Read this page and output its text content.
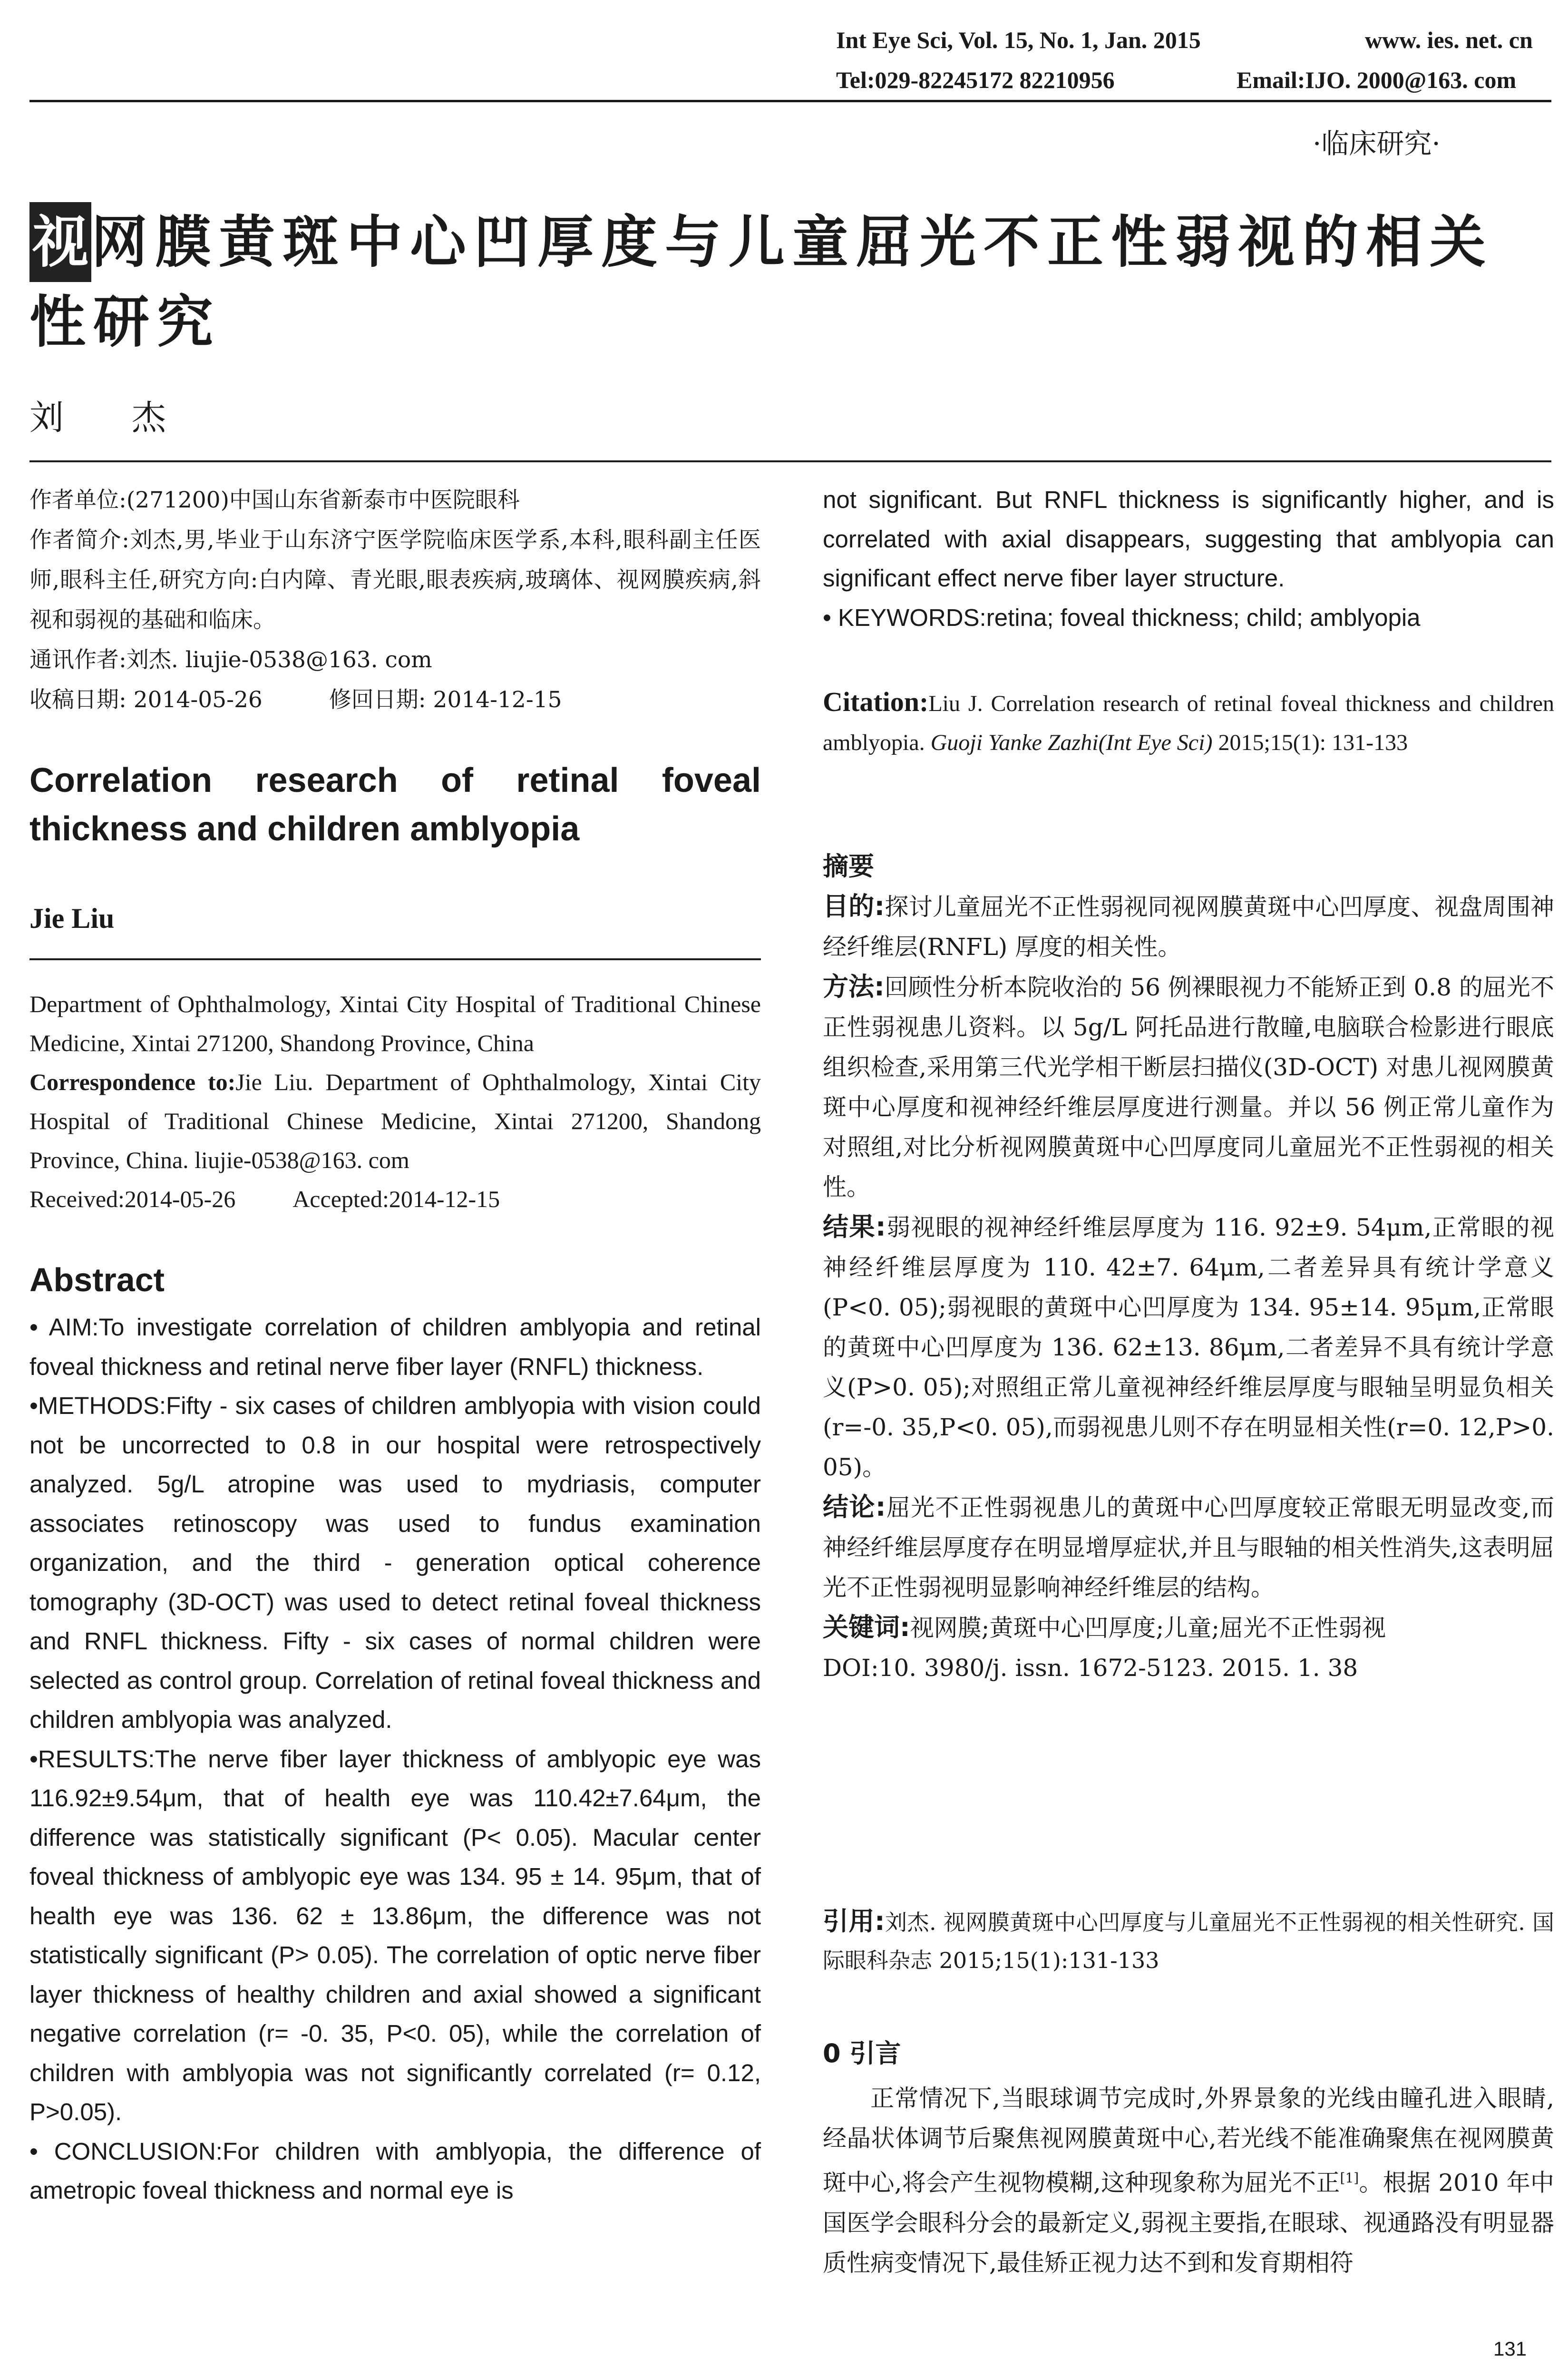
Int Eye Sci, Vol. 15, No. 1, Jan. 2015	www. ies. net. cn
Tel:029-82245172 82210956	Email:IJO. 2000@163. com
·临床研究·
视网膜黄斑中心凹厚度与儿童屈光不正性弱视的相关性研究
刘 杰
作者单位:(271200)中国山东省新泰市中医院眼科
作者简介:刘杰,男,毕业于山东济宁医学院临床医学系,本科,眼科副主任医师,眼科主任,研究方向:白内障、青光眼,眼表疾病,玻璃体、视网膜疾病,斜视和弱视的基础和临床。
通讯作者:刘杰. liujie-0538@163. com
收稿日期: 2014-05-26	修回日期: 2014-12-15
Correlation research of retinal foveal thickness and children amblyopia
Jie Liu
Department of Ophthalmology, Xintai City Hospital of Traditional Chinese Medicine, Xintai 271200, Shandong Province, China
Correspondence to:Jie Liu. Department of Ophthalmology, Xintai City Hospital of Traditional Chinese Medicine, Xintai 271200, Shandong Province, China. liujie-0538@163. com
Received:2014-05-26 Accepted:2014-12-15
Abstract
• AIM:To investigate correlation of children amblyopia and retinal foveal thickness and retinal nerve fiber layer (RNFL) thickness.
•METHODS:Fifty - six cases of children amblyopia with vision could not be uncorrected to 0.8 in our hospital were retrospectively analyzed. 5g/L atropine was used to mydriasis, computer associates retinoscopy was used to fundus examination organization, and the third - generation optical coherence tomography (3D-OCT) was used to detect retinal foveal thickness and RNFL thickness. Fifty - six cases of normal children were selected as control group. Correlation of retinal foveal thickness and children amblyopia was analyzed.
•RESULTS:The nerve fiber layer thickness of amblyopic eye was 116.92±9.54μm, that of health eye was 110.42±7.64μm, the difference was statistically significant (P< 0.05). Macular center foveal thickness of amblyopic eye was 134. 95 ± 14. 95μm, that of health eye was 136. 62 ± 13.86μm, the difference was not statistically significant (P> 0.05). The correlation of optic nerve fiber layer thickness of healthy children and axial showed a significant negative correlation (r= -0. 35, P<0. 05), while the correlation of children with amblyopia was not significantly correlated (r= 0.12, P>0.05).
• CONCLUSION:For children with amblyopia, the difference of ametropic foveal thickness and normal eye is
not significant. But RNFL thickness is significantly higher, and is correlated with axial disappears, suggesting that amblyopia can significant effect nerve fiber layer structure.
• KEYWORDS:retina; foveal thickness; child; amblyopia
Citation:Liu J. Correlation research of retinal foveal thickness and children amblyopia. Guoji Yanke Zazhi(Int Eye Sci) 2015;15(1): 131-133
摘要
目的:探讨儿童屈光不正性弱视同视网膜黄斑中心凹厚度、视盘周围神经纤维层(RNFL) 厚度的相关性。
方法:回顾性分析本院收治的 56 例裸眼视力不能矫正到 0.8 的屈光不正性弱视患儿资料。以 5g/L 阿托品进行散瞳,电脑联合检影进行眼底组织检查,采用第三代光学相干断层扫描仪(3D-OCT) 对患儿视网膜黄斑中心厚度和视神经纤维层厚度进行测量。并以 56 例正常儿童作为对照组,对比分析视网膜黄斑中心凹厚度同儿童屈光不正性弱视的相关性。
结果:弱视眼的视神经纤维层厚度为 116. 92±9. 54μm,正常眼的视神经纤维层厚度为 110. 42±7. 64μm,二者差异具有统计学意义(P<0. 05);弱视眼的黄斑中心凹厚度为 134. 95±14. 95μm,正常眼的黄斑中心凹厚度为 136. 62±13. 86μm,二者差异不具有统计学意义(P>0. 05);对照组正常儿童视神经纤维层厚度与眼轴呈明显负相关(r=-0. 35,P<0. 05),而弱视患儿则不存在明显相关性(r=0. 12,P>0. 05)。
结论:屈光不正性弱视患儿的黄斑中心凹厚度较正常眼无明显改变,而神经纤维层厚度存在明显增厚症状,并且与眼轴的相关性消失,这表明屈光不正性弱视明显影响神经纤维层的结构。
关键词:视网膜;黄斑中心凹厚度;儿童;屈光不正性弱视
DOI:10. 3980/j. issn. 1672-5123. 2015. 1. 38
引用:刘杰. 视网膜黄斑中心凹厚度与儿童屈光不正性弱视的相关性研究. 国际眼科杂志 2015;15(1):131-133
0 引言
正常情况下,当眼球调节完成时,外界景象的光线由瞳孔进入眼睛,经晶状体调节后聚焦视网膜黄斑中心,若光线不能准确聚焦在视网膜黄斑中心,将会产生视物模糊,这种现象称为屈光不正[1]。根据 2010 年中国医学会眼科分会的最新定义,弱视主要指,在眼球、视通路没有明显器质性病变情况下,最佳矫正视力达不到和发育期相符
131
